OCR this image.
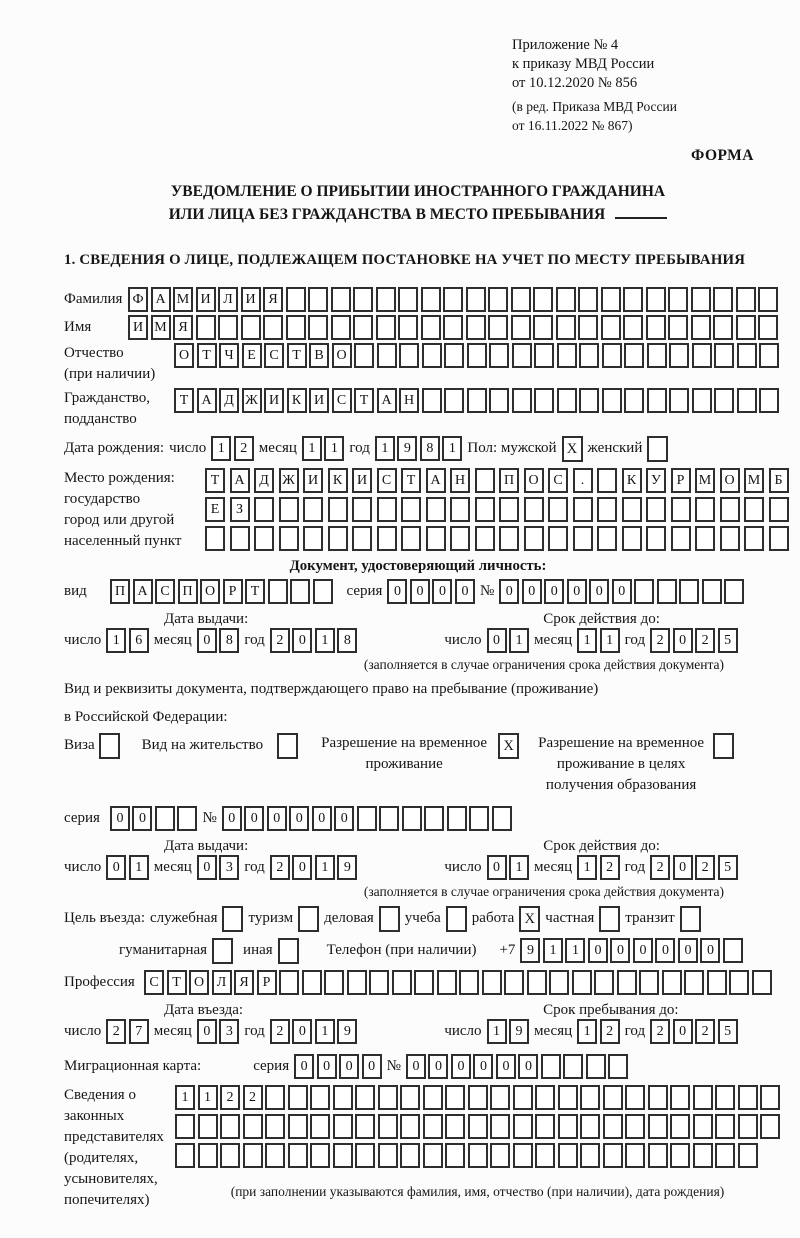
Приложение № 4
к приказу МВД России
от 10.12.2020 № 856
(в ред. Приказа МВД России
от 16.11.2022 № 867)
ФОРМА
УВЕДОМЛЕНИЕ О ПРИБЫТИИ ИНОСТРАННОГО ГРАЖДАНИНА
ИЛИ ЛИЦА БЕЗ ГРАЖДАНСТВА В МЕСТО ПРЕБЫВАНИЯ
1. СВЕДЕНИЯ О ЛИЦЕ, ПОДЛЕЖАЩЕМ ПОСТАНОВКЕ НА УЧЕТ ПО МЕСТУ ПРЕБЫВАНИЯ
Фамилия Ф А М И Л И Я
Имя	И М Я
Отчество
(при наличии)
О Т Ч Е С Т В О
Гражданство,
подданство
Т А Д Ж И К И С Т А Н
Дата рождения: число 1	2 месяц 1	1 год 1	9	8	1 Пол: мужской X женский
Место рождения:
государство
город или другой
населенный пункт
Т	А	Д Ж И	К	И	С	Т	А	Н	П	О	С	.	К	У	Р	М О М	Б
Е	З
Документ, удостоверяющий личность:
вид	П А С П О Р	Т	серия 0	0	0	0 № 0	0	0	0	0	0
Дата выдачи:	Срок действия до:
число 1	6 месяц 0	8 год 2	0	1	8	число 0	1 месяц 1	1 год 2	0	2	5
(заполняется в случае ограничения срока действия документа)
Вид и реквизиты документа, подтверждающего право на пребывание (проживание)
в Российской Федерации:
Виза	Вид на жительство	Разрешение на временное проживание
X	Разрешение на временное проживание в целях получения образования
серия	0	0	№ 0	0	0	0	0	0
Дата выдачи:	Срок действия до:
число 0	1 месяц 0	3 год 2	0	1	9	число 0	1 месяц 1	2 год 2	0	2	5
(заполняется в случае ограничения срока действия документа)
Цель въезда: служебная туризм деловая учеба работа X частная транзит
гуманитарная иная	Телефон (при наличии) +7 9	1	1	0	0	0	0	0	0
Профессия	С Т О Л Я Р
Дата въезда:	Срок пребывания до:
число 2	7 месяц 0	3 год 2	0	1	9	число 1	9 месяц 1	2 год 2	0	2	5
Миграционная карта:	серия 0	0	0	0 № 0	0	0	0	0	0
Сведения о
законных
представителях
(родителях,
усыновителях,
попечителях)
1	1	2	2
(при заполнении указываются фамилия, имя, отчество (при наличии), дата рождения)
